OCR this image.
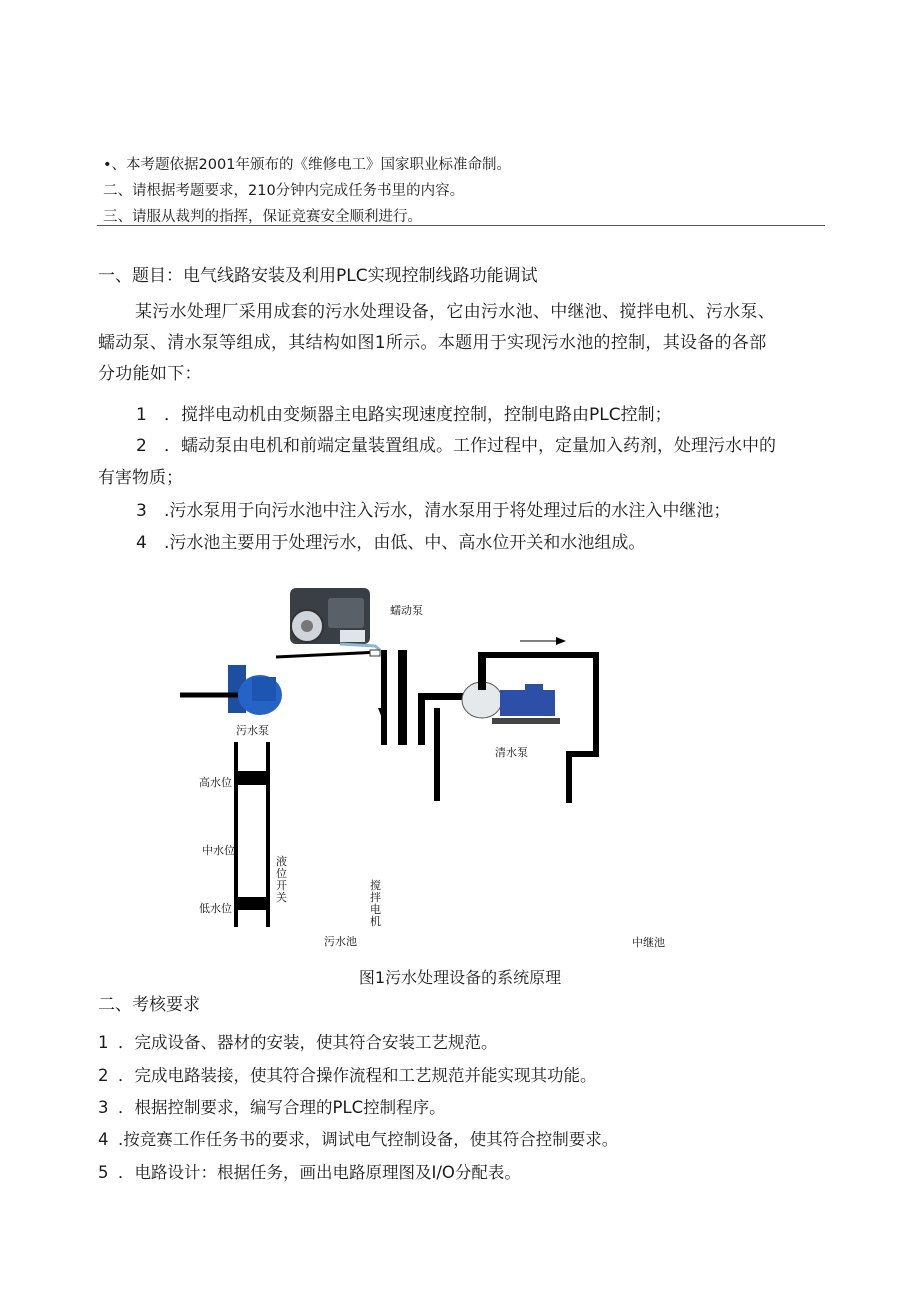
•、本考题依据2001年颁布的《维修电工》国家职业标准命制。
二、请根据考题要求，210分钟内完成任务书里的内容。
三、请服从裁判的指挥，保证竞赛安全顺利进行。
一、题目：电气线路安装及利用PLC实现控制线路功能调试
某污水处理厂采用成套的污水处理设备，它由污水池、中继池、搅拌电机、污水泵、
蠕动泵、清水泵等组成，其结构如图1所示。本题用于实现污水池的控制，其设备的各部
分功能如下：
1 ．搅拌电动机由变频器主电路实现速度控制，控制电路由PLC控制；
2 ．蠕动泵由电机和前端定量装置组成。工作过程中，定量加入药剂，处理污水中的
有害物质；
3 .污水泵用于向污水池中注入污水，清水泵用于将处理过后的水注入中继池；
4 .污水池主要用于处理污水，由低、中、高水位开关和水池组成。
蠕动泵
污水泵
清水泵
高水位
中水位
低水位
液位开关
搅拌电机
污水池	中继池
图1污水处理设备的系统原理
二、考核要求
1 ．完成设备、器材的安装，使其符合安装工艺规范。
2 ．完成电路装接，使其符合操作流程和工艺规范并能实现其功能。
3 ．根据控制要求，编写合理的PLC控制程序。
4 .按竞赛工作任务书的要求，调试电气控制设备，使其符合控制要求。
5 ．电路设计：根据任务，画出电路原理图及I/O分配表。
